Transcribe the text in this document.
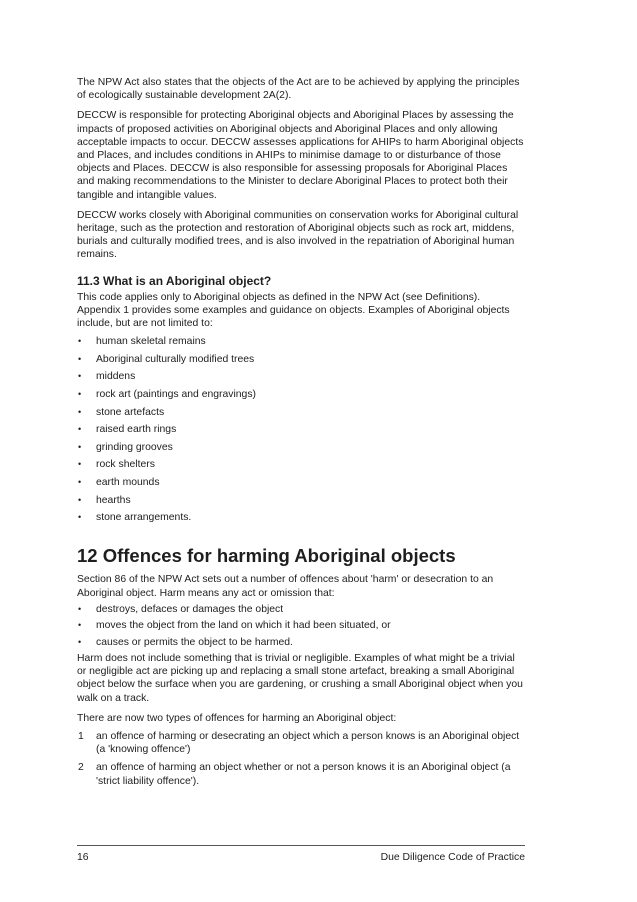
The NPW Act also states that the objects of the Act are to be achieved by applying the principles of ecologically sustainable development 2A(2).

DECCW is responsible for protecting Aboriginal objects and Aboriginal Places by assessing the impacts of proposed activities on Aboriginal objects and Aboriginal Places and only allowing acceptable impacts to occur. DECCW assesses applications for AHIPs to harm Aboriginal objects and Places, and includes conditions in AHIPs to minimise damage to or disturbance of those objects and Places. DECCW is also responsible for assessing proposals for Aboriginal Places and making recommendations to the Minister to declare Aboriginal Places to protect both their tangible and intangible values.

DECCW works closely with Aboriginal communities on conservation works for Aboriginal cultural heritage, such as the protection and restoration of Aboriginal objects such as rock art, middens, burials and culturally modified trees, and is also involved in the repatriation of Aboriginal human remains.

11.3 What is an Aboriginal object?

This code applies only to Aboriginal objects as defined in the NPW Act (see Definitions). Appendix 1 provides some examples and guidance on objects. Examples of Aboriginal objects include, but are not limited to:

• human skeletal remains
• Aboriginal culturally modified trees
• middens
• rock art (paintings and engravings)
• stone artefacts
• raised earth rings
• grinding grooves
• rock shelters
• earth mounds
• hearths
• stone arrangements.
12 Offences for harming Aboriginal objects

Section 86 of the NPW Act sets out a number of offences about 'harm' or desecration to an Aboriginal object. Harm means any act or omission that:

• destroys, defaces or damages the object
• moves the object from the land on which it had been situated, or
• causes or permits the object to be harmed.

Harm does not include something that is trivial or negligible. Examples of what might be a trivial or negligible act are picking up and replacing a small stone artefact, breaking a small Aboriginal object below the surface when you are gardening, or crushing a small Aboriginal object when you walk on a track.

There are now two types of offences for harming an Aboriginal object:

1 an offence of harming or desecrating an object which a person knows is an Aboriginal object (a 'knowing offence')
2 an offence of harming an object whether or not a person knows it is an Aboriginal object (a 'strict liability offence').
16	Due Diligence Code of Practice
